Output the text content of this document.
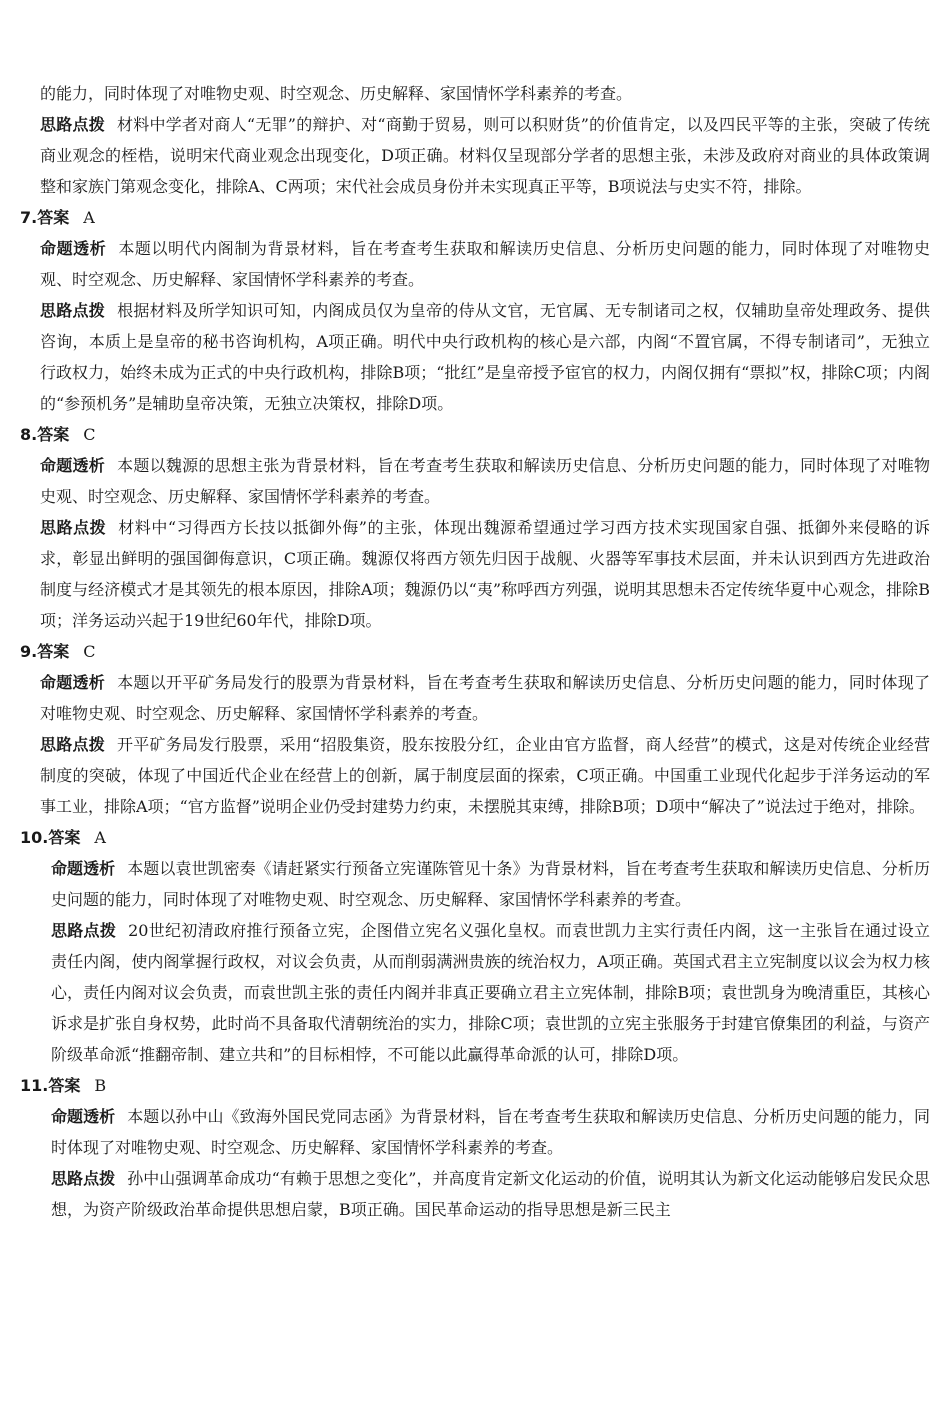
的能力，同时体现了对唯物史观、时空观念、历史解释、家国情怀学科素养的考查。

思路点拨 材料中学者对商人“无罪”的辩护、对“商勤于贸易，则可以积财货”的价值肯定，以及四民平等的主张，突破了传统商业观念的桎梏，说明宋代商业观念出现变化，D项正确。材料仅呈现部分学者的思想主张，未涉及政府对商业的具体政策调整和家族门第观念变化，排除A、C两项；宋代社会成员身份并未实现真正平等，B项说法与史实不符，排除。

7.答案 A

命题透析 本题以明代内阁制为背景材料，旨在考查考生获取和解读历史信息、分析历史问题的能力，同时体现了对唯物史观、时空观念、历史解释、家国情怀学科素养的考查。

思路点拨 根据材料及所学知识可知，内阁成员仅为皇帝的侍从文官，无官属、无专制诸司之权，仅辅助皇帝处理政务、提供咨询，本质上是皇帝的秘书咨询机构，A项正确。明代中央行政机构的核心是六部，内阁“不置官属，不得专制诸司”，无独立行政权力，始终未成为正式的中央行政机构，排除B项；“批红”是皇帝授予宦官的权力，内阁仅拥有“票拟”权，排除C项；内阁的“参预机务”是辅助皇帝决策，无独立决策权，排除D项。

8.答案 C

命题透析 本题以魏源的思想主张为背景材料，旨在考查考生获取和解读历史信息、分析历史问题的能力，同时体现了对唯物史观、时空观念、历史解释、家国情怀学科素养的考查。

思路点拨 材料中“习得西方长技以抵御外侮”的主张，体现出魏源希望通过学习西方技术实现国家自强、抵御外来侵略的诉求，彰显出鲜明的强国御侮意识，C项正确。魏源仅将西方领先归因于战舰、火器等军事技术层面，并未认识到西方先进政治制度与经济模式才是其领先的根本原因，排除A项；魏源仍以“夷”称呼西方列强，说明其思想未否定传统华夏中心观念，排除B项；洋务运动兴起于19世纪60年代，排除D项。

9.答案 C

命题透析 本题以开平矿务局发行的股票为背景材料，旨在考查考生获取和解读历史信息、分析历史问题的能力，同时体现了对唯物史观、时空观念、历史解释、家国情怀学科素养的考查。

思路点拨 开平矿务局发行股票，采用“招股集资，股东按股分红，企业由官方监督，商人经营”的模式，这是对传统企业经营制度的突破，体现了中国近代企业在经营上的创新，属于制度层面的探索，C项正确。中国重工业现代化起步于洋务运动的军事工业，排除A项；“官方监督”说明企业仍受封建势力约束，未摆脱其束缚，排除B项；D项中“解决了”说法过于绝对，排除。

10.答案 A

命题透析 本题以袁世凯密奏《请赶紧实行预备立宪谨陈管见十条》为背景材料，旨在考查考生获取和解读历史信息、分析历史问题的能力，同时体现了对唯物史观、时空观念、历史解释、家国情怀学科素养的考查。

思路点拨 20世纪初清政府推行预备立宪，企图借立宪名义强化皇权。而袁世凯力主实行责任内阁，这一主张旨在通过设立责任内阁，使内阁掌握行政权，对议会负责，从而削弱满洲贵族的统治权力，A项正确。英国式君主立宪制度以议会为权力核心，责任内阁对议会负责，而袁世凯主张的责任内阁并非真正要确立君主立宪体制，排除B项；袁世凯身为晚清重臣，其核心诉求是扩张自身权势，此时尚不具备取代清朝统治的实力，排除C项；袁世凯的立宪主张服务于封建官僚集团的利益，与资产阶级革命派“推翻帝制、建立共和”的目标相悖，不可能以此赢得革命派的认可，排除D项。

11.答案 B

命题透析 本题以孙中山《致海外国民党同志函》为背景材料，旨在考查考生获取和解读历史信息、分析历史问题的能力，同时体现了对唯物史观、时空观念、历史解释、家国情怀学科素养的考查。

思路点拨 孙中山强调革命成功“有赖于思想之变化”，并高度肯定新文化运动的价值，说明其认为新文化运动能够启发民众思想，为资产阶级政治革命提供思想启蒙，B项正确。国民革命运动的指导思想是新三民主
